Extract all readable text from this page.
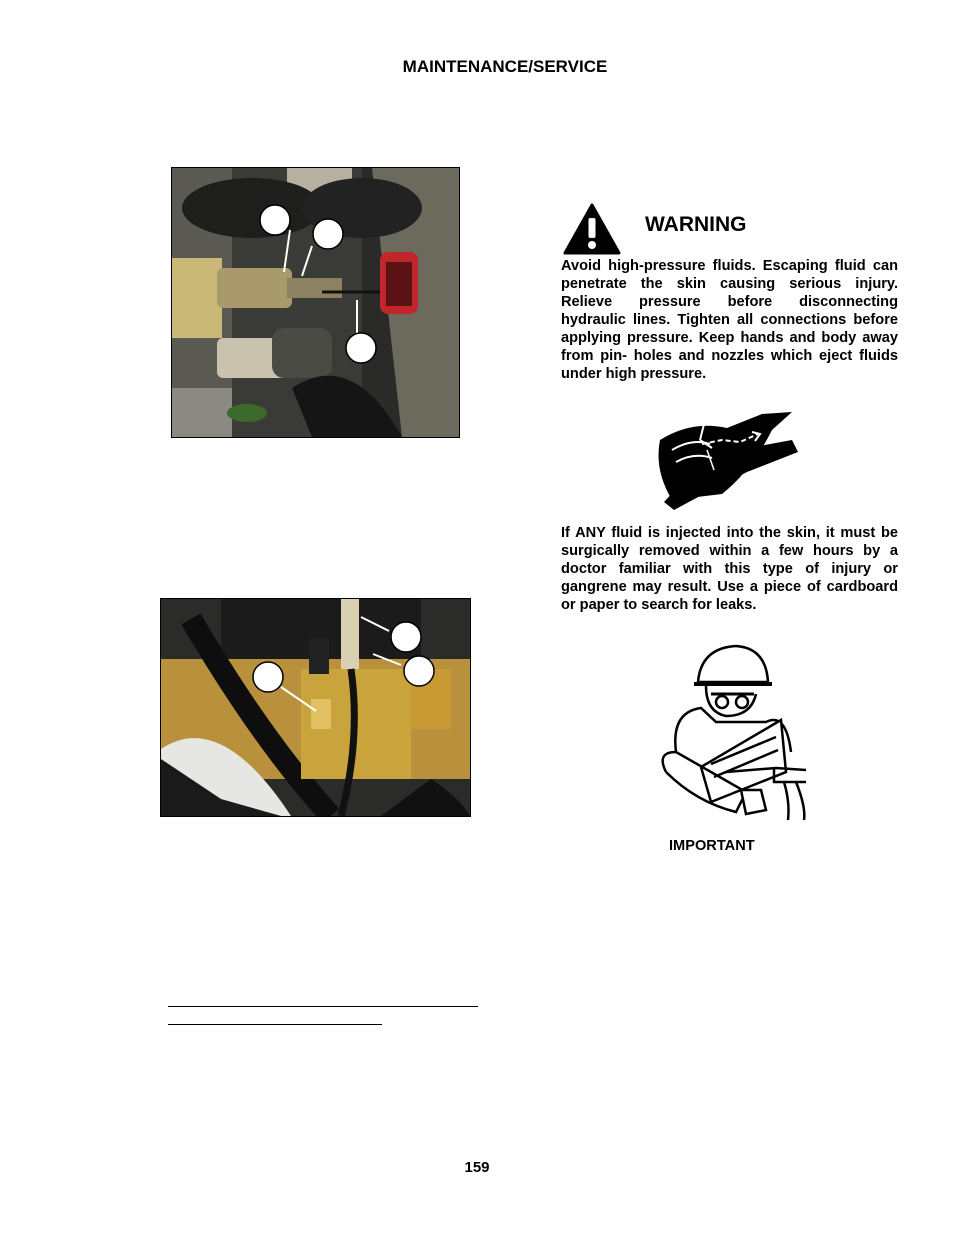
MAINTENANCE/SERVICE
WARNING
Avoid high-pressure fluids. Escaping fluid can penetrate the skin causing serious injury. Relieve pressure before disconnecting hydraulic lines. Tighten all connections before applying pressure. Keep hands and body away from pin- holes and nozzles which eject fluids under high pressure.
If ANY fluid is injected into the skin, it must be surgically removed within a few hours by a doctor familiar with this type of injury or gangrene may result. Use a piece of cardboard or paper to search for leaks.
IMPORTANT
159
